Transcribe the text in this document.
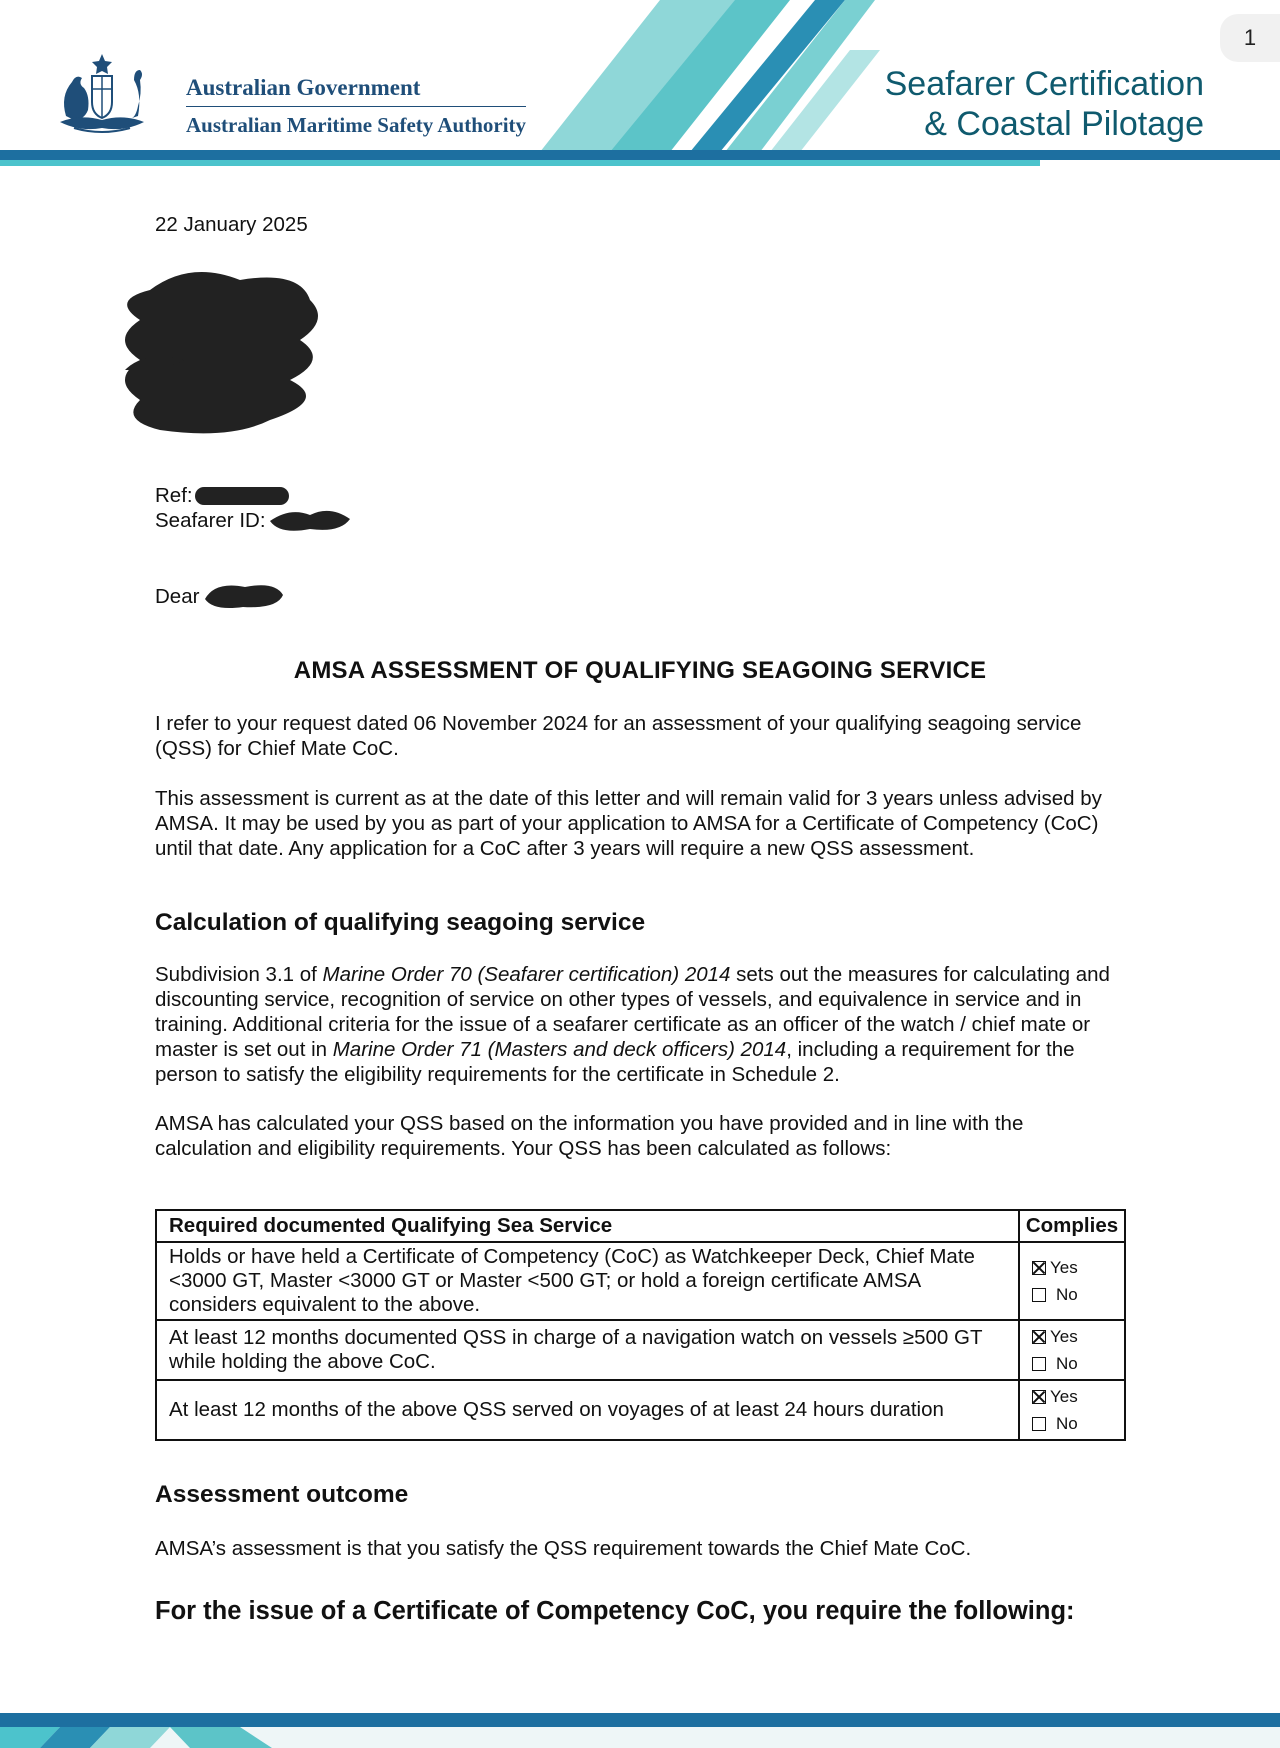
Australian Government
Australian Maritime Safety Authority
Seafarer Certification
& Coastal Pilotage
1

22 January 2025

Ref:
Seafarer ID:
Dear
AMSA ASSESSMENT OF QUALIFYING SEAGOING SERVICE

I refer to your request dated 06 November 2024 for an assessment of your qualifying seagoing service (QSS) for Chief Mate CoC.

This assessment is current as at the date of this letter and will remain valid for 3 years unless advised by AMSA. It may be used by you as part of your application to AMSA for a Certificate of Competency (CoC) until that date. Any application for a CoC after 3 years will require a new QSS assessment.

Calculation of qualifying seagoing service

Subdivision 3.1 of Marine Order 70 (Seafarer certification) 2014 sets out the measures for calculating and discounting service, recognition of service on other types of vessels, and equivalence in service and in training. Additional criteria for the issue of a seafarer certificate as an officer of the watch / chief mate or master is set out in Marine Order 71 (Masters and deck officers) 2014, including a requirement for the person to satisfy the eligibility requirements for the certificate in Schedule 2.

AMSA has calculated your QSS based on the information you have provided and in line with the calculation and eligibility requirements. Your QSS has been calculated as follows:

Required documented Qualifying Sea Service	Complies
Holds or have held a Certificate of Competency (CoC) as Watchkeeper Deck, Chief Mate <3000 GT, Master <3000 GT or Master <500 GT; or hold a foreign certificate AMSA considers equivalent to the above.	Yes
No

At least 12 months documented QSS in charge of a navigation watch on vessels ≥500 GT while holding the above CoC.	Yes
No

At least 12 months of the above QSS served on voyages of at least 24 hours duration	Yes
No
Assessment outcome

AMSA’s assessment is that you satisfy the QSS requirement towards the Chief Mate CoC.

For the issue of a Certificate of Competency CoC, you require the following:
